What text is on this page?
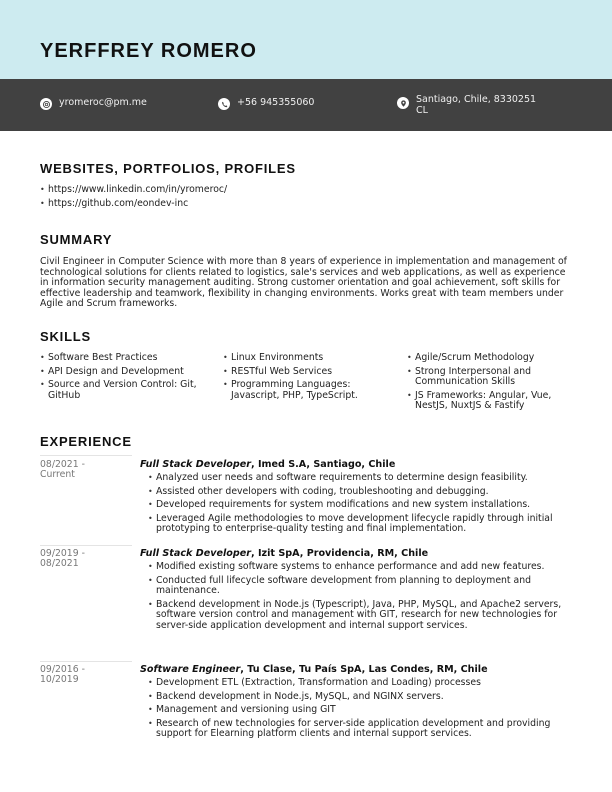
YERFFREY ROMERO
yromeroc@pm.me	+56 945355060	Santiago, Chile, 8330251
CL
WEBSITES, PORTFOLIOS, PROFILES
• https://www.linkedin.com/in/yromeroc/
• https://github.com/eondev-inc
SUMMARY

Civil Engineer in Computer Science with more than 8 years of experience in implementation and management of technological solutions for clients related to logistics, sale's services and web applications, as well as experience in information security management auditing. Strong customer orientation and goal achievement, soft skills for effective leadership and teamwork, flexibility in changing environments. Works great with team members under Agile and Scrum frameworks.

SKILLS
• Software Best Practices
• API Design and Development
• Source and Version Control: Git, GitHub
• Linux Environments
• RESTful Web Services
• Programming Languages: Javascript, PHP, TypeScript.
• Agile/Scrum Methodology
• Strong Interpersonal and Communication Skills
• JS Frameworks: Angular, Vue, NestJS, NuxtJS & Fastify
EXPERIENCE
08/2021 -
Current
Full Stack Developer, Imed S.A, Santiago, Chile
• Analyzed user needs and software requirements to determine design feasibility.
• Assisted other developers with coding, troubleshooting and debugging.
• Developed requirements for system modifications and new system installations.
• Leveraged Agile methodologies to move development lifecycle rapidly through initial prototyping to enterprise-quality testing and final implementation.
09/2019 -
08/2021
Full Stack Developer, Izit SpA, Providencia, RM, Chile
• Modified existing software systems to enhance performance and add new features.
• Conducted full lifecycle software development from planning to deployment and maintenance.
• Backend development in Node.js (Typescript), Java, PHP, MySQL, and Apache2 servers, software version control and management with GIT, research for new technologies for server-side application development and internal support services.
09/2016 -
10/2019
Software Engineer, Tu Clase, Tu País SpA, Las Condes, RM, Chile
• Development ETL (Extraction, Transformation and Loading) processes
• Backend development in Node.js, MySQL, and NGINX servers.
• Management and versioning using GIT
• Research of new technologies for server-side application development and providing support for Elearning platform clients and internal support services.
